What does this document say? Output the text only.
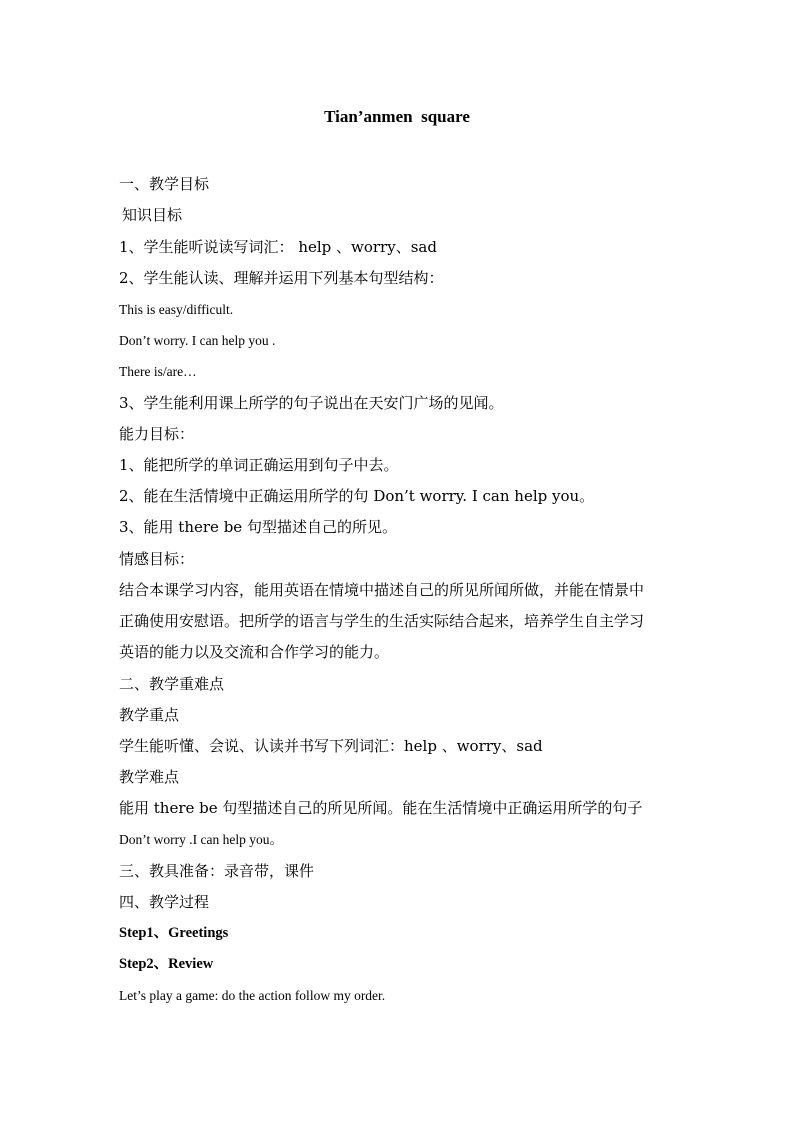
Tian’anmen  square
一、教学目标
知识目标
1、学生能听说读写词汇： help 、worry、sad
2、学生能认读、理解并运用下列基本句型结构：
This is easy/difficult.
Don’t worry. I can help you .
There is/are…
3、学生能利用课上所学的句子说出在天安门广场的见闻。
能力目标：
1、能把所学的单词正确运用到句子中去。
2、能在生活情境中正确运用所学的句 Don’t worry. I can help you。
3、能用 there be 句型描述自己的所见。
情感目标：
结合本课学习内容，能用英语在情境中描述自己的所见所闻所做，并能在情景中
正确使用安慰语。把所学的语言与学生的生活实际结合起来，培养学生自主学习
英语的能力以及交流和合作学习的能力。
二、教学重难点
教学重点
学生能听懂、会说、认读并书写下列词汇：help 、worry、sad
教学难点
能用 there be 句型描述自己的所见所闻。能在生活情境中正确运用所学的句子
Don’t worry .I can help you。
三、教具准备：录音带，课件
四、教学过程
Step1、Greetings
Step2、Review
Let’s play a game: do the action follow my order.
